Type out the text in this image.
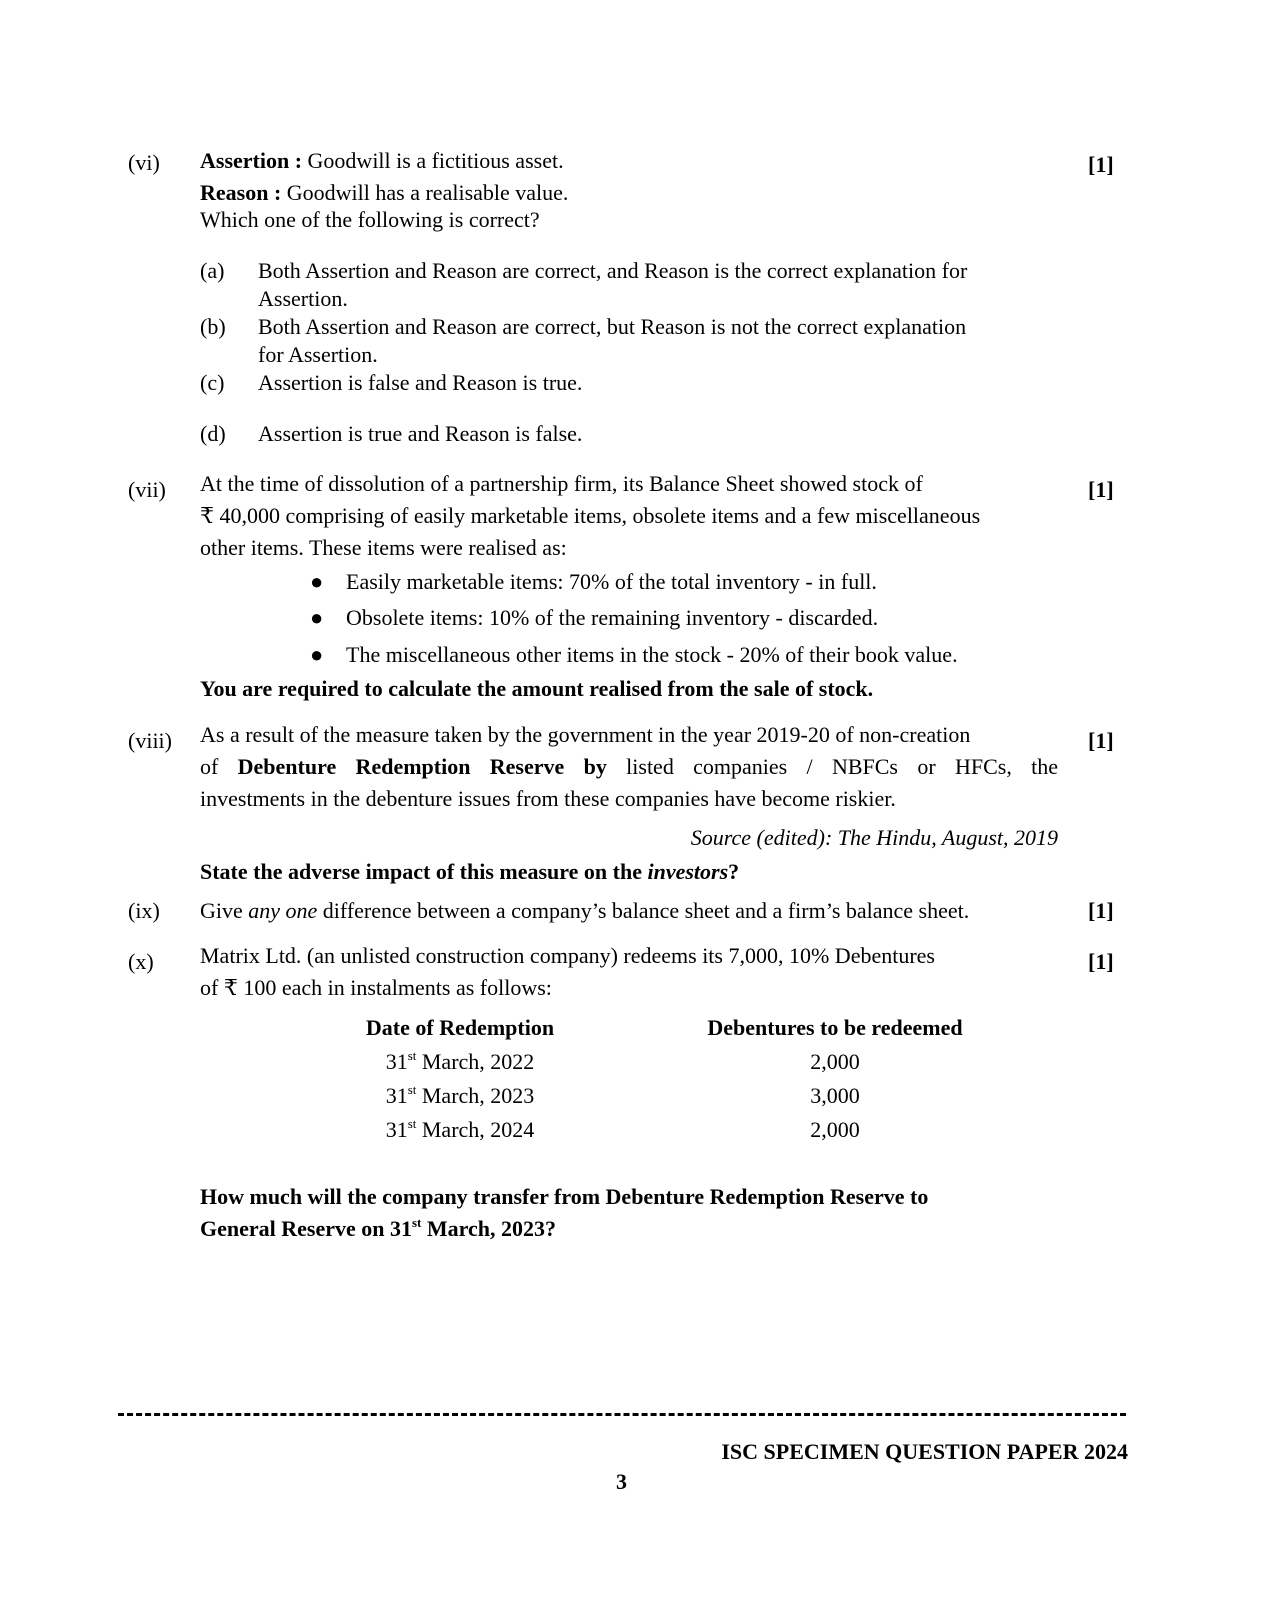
(vi) Assertion : Goodwill is a fictitious asset.	[1]
Reason : Goodwill has a realisable value.
Which one of the following is correct?
(a) Both Assertion and Reason are correct, and Reason is the correct explanation for
Assertion.
(b) Both Assertion and Reason are correct, but Reason is not the correct explanation
for Assertion.
(c) Assertion is false and Reason is true.
(d) Assertion is true and Reason is false.
(vii) At the time of dissolution of a partnership firm, its Balance Sheet showed stock of	[1]
₹ 40,000 comprising of easily marketable items, obsolete items and a few miscellaneous
other items. These items were realised as:
● Easily marketable items: 70% of the total inventory - in full.
● Obsolete items: 10% of the remaining inventory - discarded.
● The miscellaneous other items in the stock - 20% of their book value.
You are required to calculate the amount realised from the sale of stock.
(viii) As a result of the measure taken by the government in the year 2019-20 of non-creation	[1]
of Debenture Redemption Reserve by listed companies / NBFCs or HFCs, the
investments in the debenture issues from these companies have become riskier.
Source (edited): The Hindu, August, 2019
State the adverse impact of this measure on the investors?
(ix) Give any one difference between a company’s balance sheet and a firm’s balance sheet.	[1]
(x) Matrix Ltd. (an unlisted construction company) redeems its 7,000, 10% Debentures	[1]
of ₹ 100 each in instalments as follows:
Date of Redemption	Debentures to be redeemed
31st March, 2022	2,000
31st March, 2023	3,000
31st March, 2024	2,000
How much will the company transfer from Debenture Redemption Reserve to
General Reserve on 31st March, 2023?
ISC SPECIMEN QUESTION PAPER 2024
3
